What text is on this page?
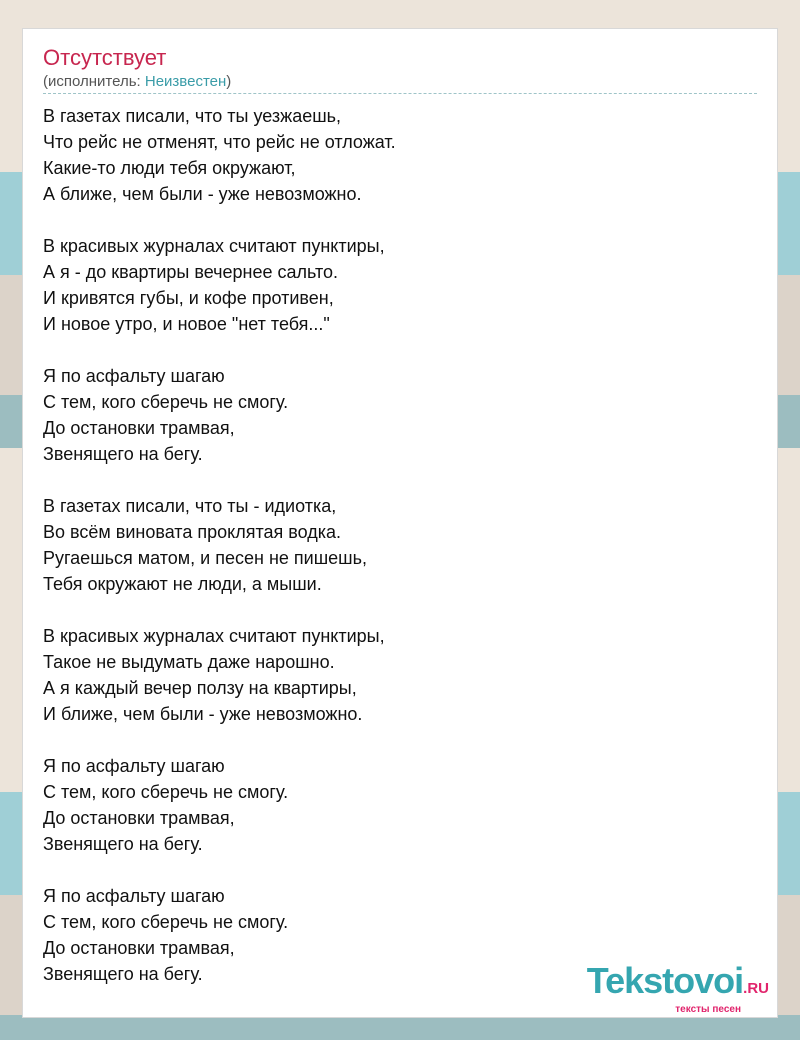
Отсутствует
(исполнитель: Неизвестен)
В газетах писали, что ты уезжаешь,
Что рейс не отменят, что рейс не отложат.
Какие-то люди тебя окружают,
А ближе, чем были - уже невозможно.
В красивых журналах считают пунктиры,
А я - до квартиры вечернее сальто.
И кривятся губы, и кофе противен,
И новое утро, и новое "нет тебя..."
Я по асфальту шагаю
С тем, кого сберечь не смогу.
До остановки трамвая,
Звенящего на бегу.
В газетах писали, что ты - идиотка,
Во всём виновата проклятая водка.
Ругаешься матом, и песен не пишешь,
Тебя окружают не люди, а мыши.
В красивых журналах считают пунктиры,
Такое не выдумать даже нарошно.
А я каждый вечер ползу на квартиры,
И ближе, чем были - уже невозможно.
Я по асфальту шагаю
С тем, кого сберечь не смогу.
До остановки трамвая,
Звенящего на бегу.
Я по асфальту шагаю
С тем, кого сберечь не смогу.
До остановки трамвая,
Звенящего на бегу.	Tekstovoi.RU
тексты песен
